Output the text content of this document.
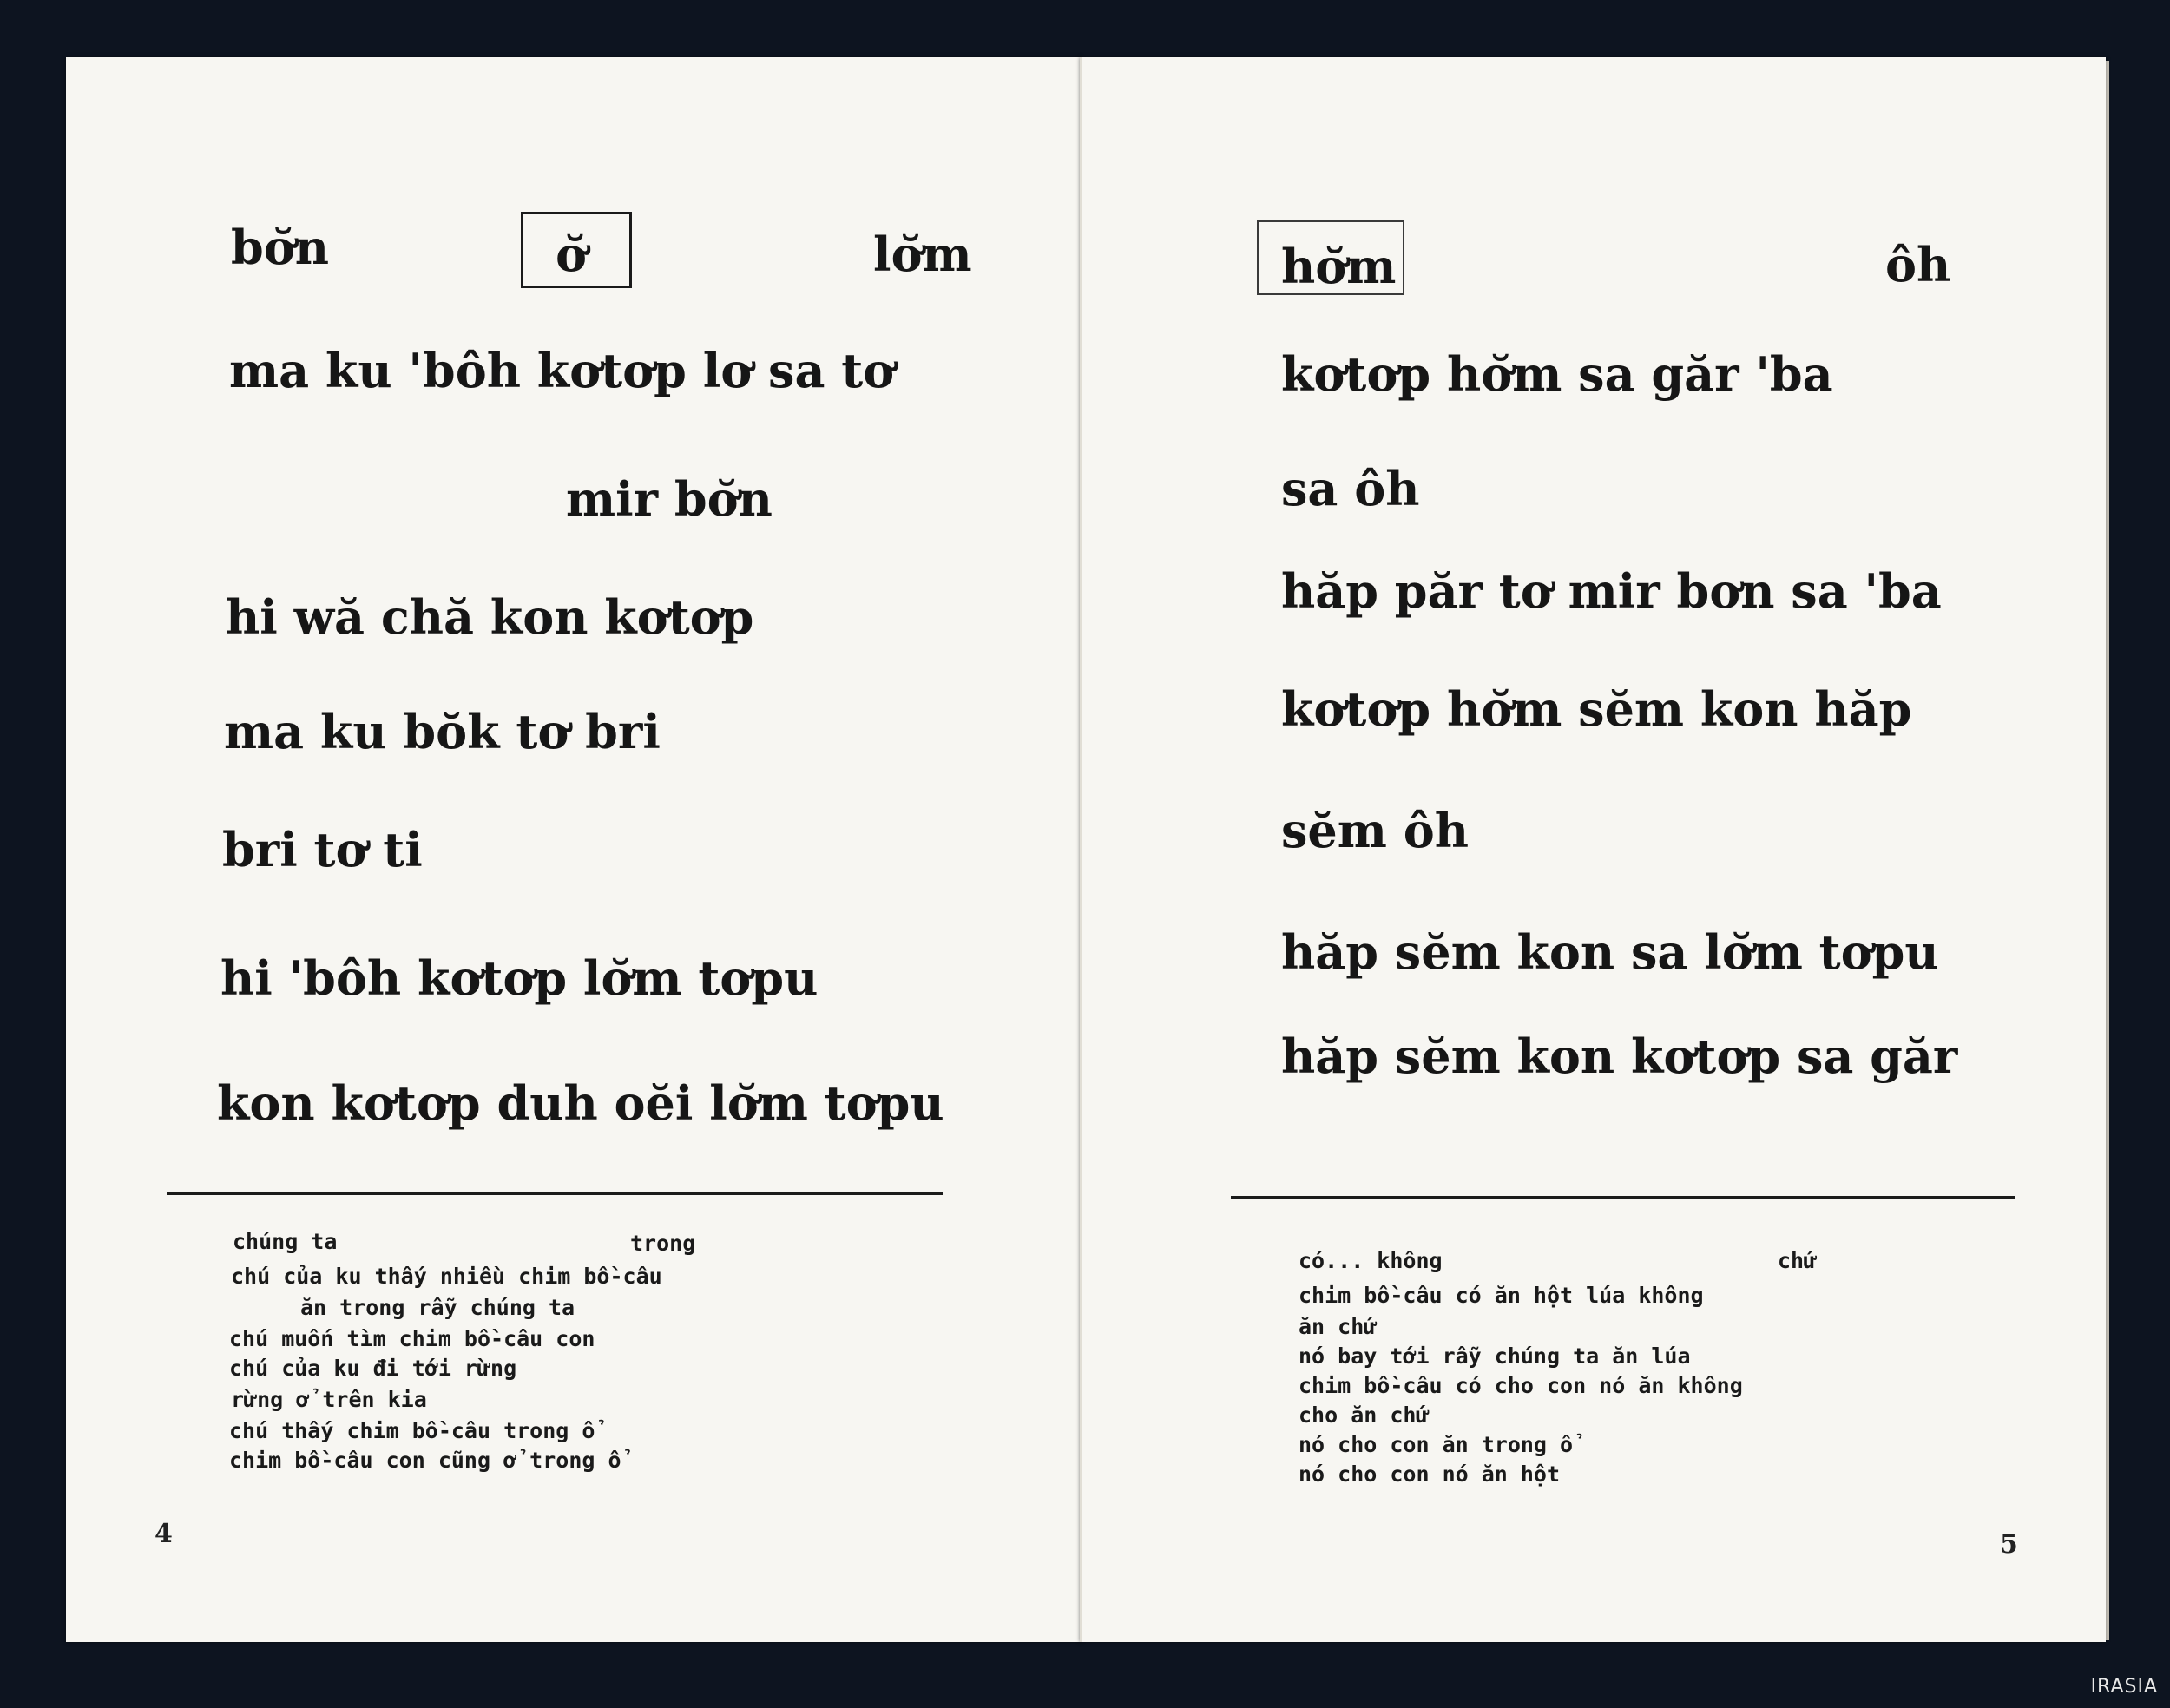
bơ̆n	ơ̆	lơ̆m
ma ku 'bôh kơtơp lơ sa tơ
mir bơ̆n
hi wă chă kon kơtơp
ma ku bŏk tơ bri
bri tơ ti
hi 'bôh kơtơp lơ̆m tơpu
kon kơtơp duh oĕi lơ̆m tơpu
chúng ta	trong
chú của ku thấy nhiều chim bồ-câu
ăn trong rẫy chúng ta
chú muốn tìm chim bồ-câu con
chú của ku đi tới rừng
rừng ở trên kia
chú thấy chim bồ-câu trong ổ
chim bồ-câu con cũng ở trong ổ
4
hơ̆m	ôh
kơtơp hơ̆m sa găr 'ba
sa ôh
hăp păr tơ mir bơn sa 'ba
kơtơp hơ̆m sĕm kon hăp
sĕm ôh
hăp sĕm kon sa lơ̆m tơpu
hăp sĕm kon kơtơp sa găr
có... không	chứ
chim bồ-câu có ăn hột lúa không
ăn chứ
nó bay tới rẫy chúng ta ăn lúa
chim bồ-câu có cho con nó ăn không
cho ăn chứ
nó cho con ăn trong ổ
nó cho con nó ăn hột
5
IRASIA
